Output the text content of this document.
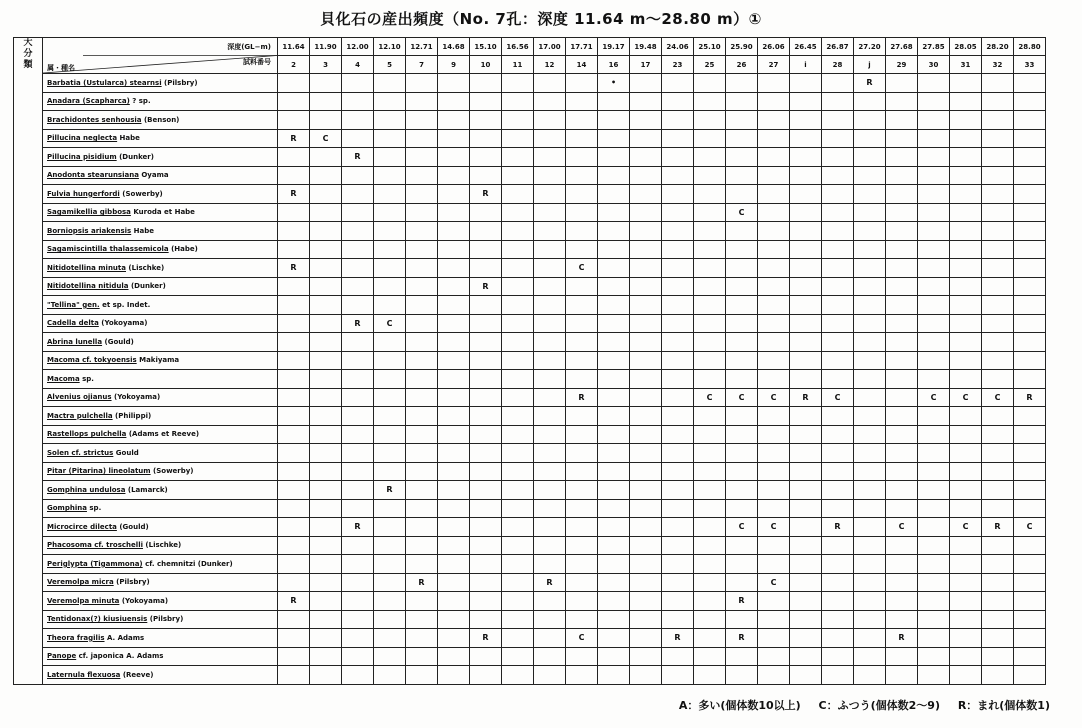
貝化石の産出頻度（No. 7孔：深度 11.64 m〜28.80 m）①
大
分
類	深度(GL−m)
試料番号
属・種名	11.64	11.90	12.00	12.10	12.71	14.68	15.10	16.56	17.00	17.71	19.17	19.48	24.06	25.10	25.90	26.06	26.45	26.87	27.20	27.68	27.85	28.05	28.20	28.80
		2	3	4	5	7	9	10	11	12	14	16	17	23	25	26	27	i	28	j	29	30	31	32	33
	Barbatia (Ustularca) stearnsi (Pilsbry)											•								R					
	Anadara (Scapharca) ? sp.																								
	Brachidontes senhousia (Benson)																								
	Pillucina neglecta Habe	R	C																						
	Pillucina pisidium (Dunker)			R																					
	Anodonta stearunsiana Oyama																								
	Fulvia hungerfordi (Sowerby)	R						R																	
	Sagamikellia gibbosa Kuroda et Habe															C									
	Borniopsis ariakensis Habe																								
	Sagamiscintilla thalassemicola (Habe)																								
	Nitidotellina minuta (Lischke)	R									C														
	Nitidotellina nitidula (Dunker)							R																	
	"Tellina" gen. et sp. Indet.																								
	Cadella delta (Yokoyama)			R	C																				
	Abrina lunella (Gould)																								
	Macoma cf. tokyoensis Makiyama																								
	Macoma sp.																								
	Alvenius ojianus (Yokoyama)										R				C	C	C	R	C			C	C	C	R
	Mactra pulchella (Philippi)																								
	Rastellops pulchella (Adams et Reeve)																								
	Solen cf. strictus Gould																								
	Pitar (Pitarina) lineolatum (Sowerby)																								
	Gomphina undulosa (Lamarck)				R																				
	Gomphina sp.																								
	Microcirce dilecta (Gould)			R												C	C		R		C		C	R	C
	Phacosoma cf. troschelli (Lischke)																								
	Periglypta (Tigammona) cf. chemnitzi (Dunker)																								
	Veremolpa micra (Pilsbry)					R				R							C								
	Veremolpa minuta (Yokoyama)	R														R									
	Tentidonax(?) kiusiuensis (Pilsbry)																								
	Theora fragilis A. Adams							R			C			R		R					R				
	Panope cf. japonica A. Adams																								
	Laternula flexuosa (Reeve)																								
A：多い(個体数10以上) C：ふつう(個体数2〜9) R：まれ(個体数1)
